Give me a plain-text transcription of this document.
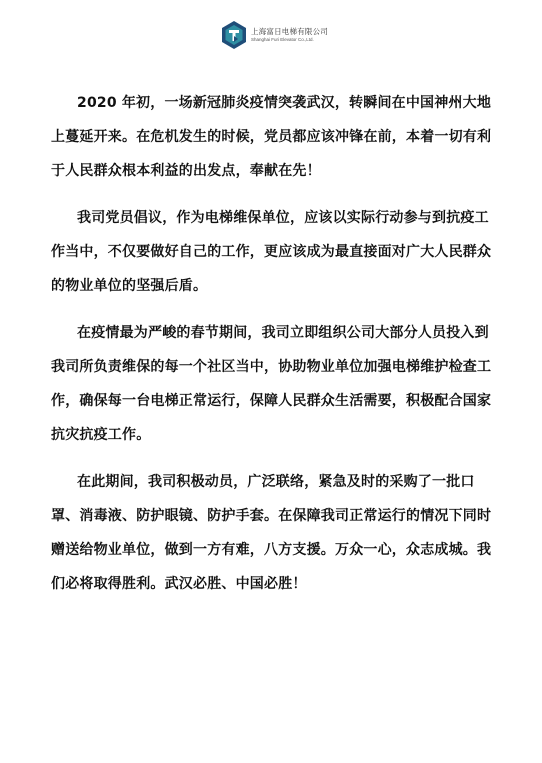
上海富日电梯有限公司
Shanghai Furi Elevator Co.,Ltd.

2020 年初，一场新冠肺炎疫情突袭武汉，转瞬间在中国神州大地上蔓延开来。在危机发生的时候，党员都应该冲锋在前，本着一切有利于人民群众根本利益的出发点，奉献在先！

我司党员倡议，作为电梯维保单位，应该以实际行动参与到抗疫工作当中，不仅要做好自己的工作，更应该成为最直接面对广大人民群众的物业单位的坚强后盾。

在疫情最为严峻的春节期间，我司立即组织公司大部分人员投入到我司所负责维保的每一个社区当中，协助物业单位加强电梯维护检查工作，确保每一台电梯正常运行，保障人民群众生活需要，积极配合国家抗灾抗疫工作。

在此期间，我司积极动员，广泛联络，紧急及时的采购了一批口罩、消毒液、防护眼镜、防护手套。在保障我司正常运行的情况下同时赠送给物业单位，做到一方有难，八方支援。万众一心，众志成城。我们必将取得胜利。武汉必胜、中国必胜！
